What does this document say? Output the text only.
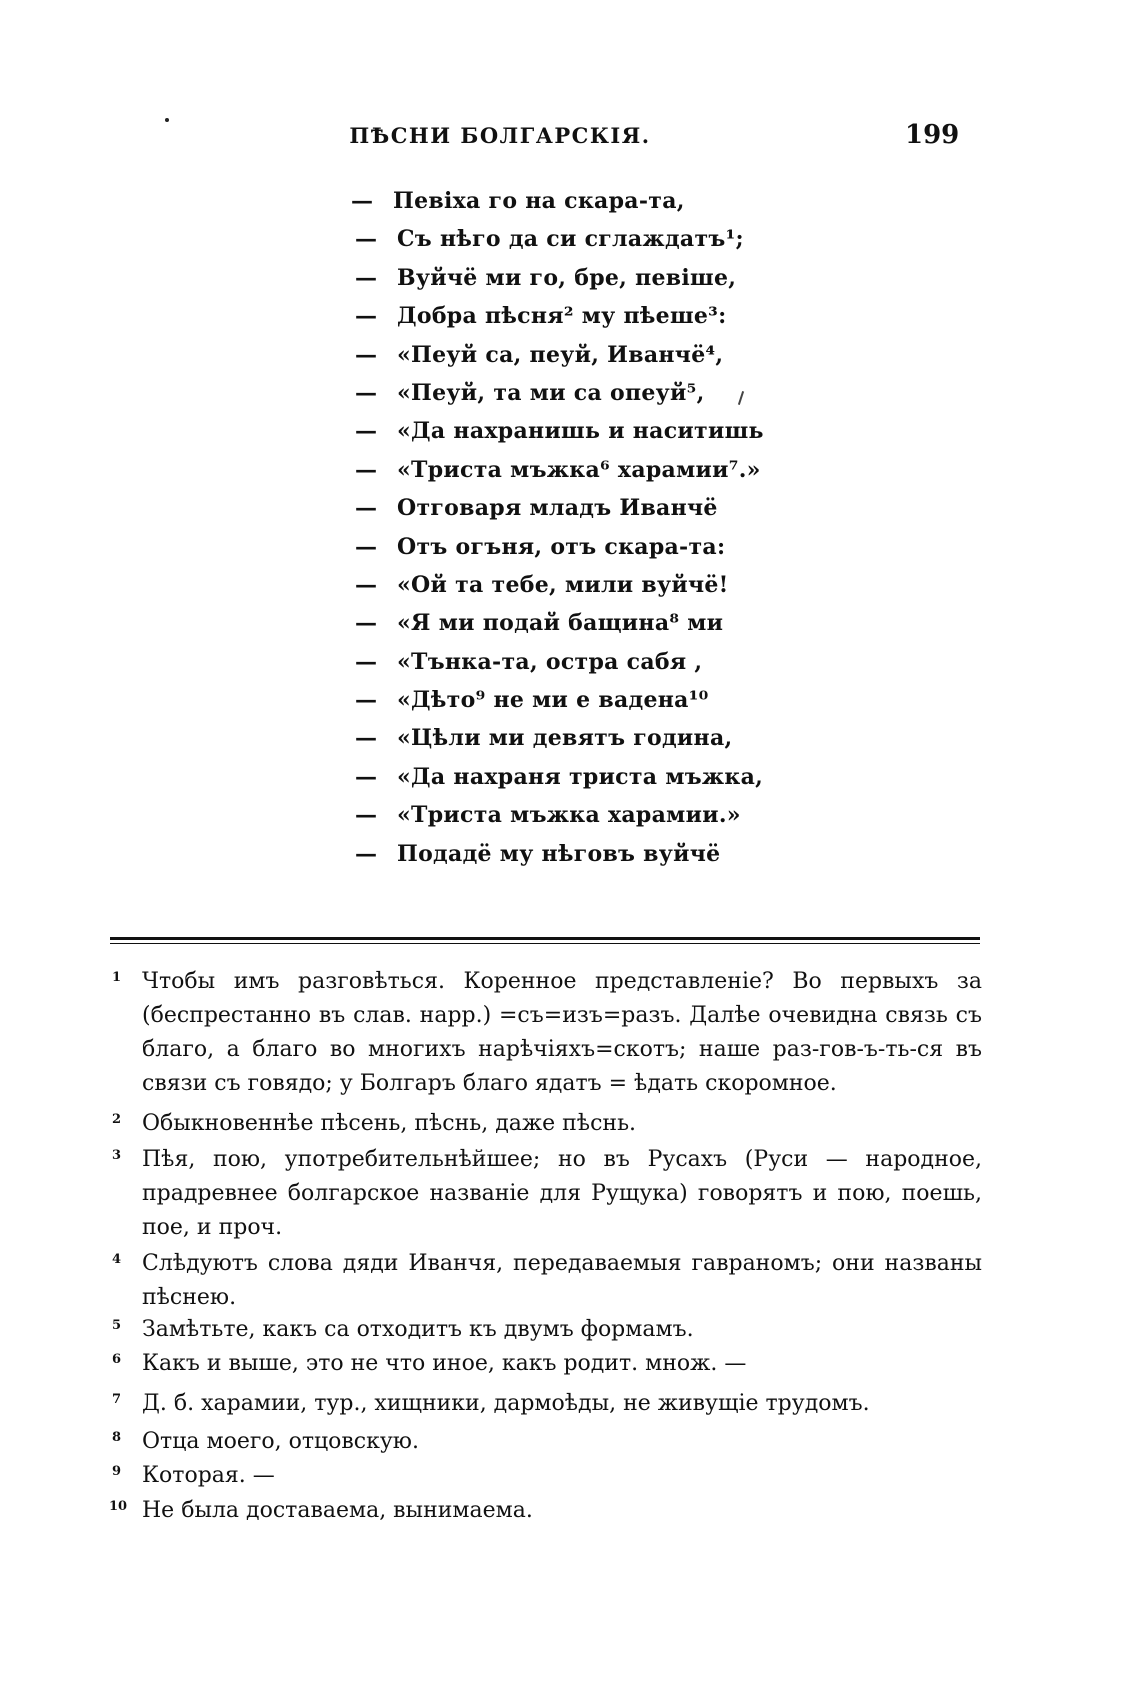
ПѢСНИ БОЛГАРСКІЯ.	199
— Певіха го на скара-та,
— Съ нѣго да си сглаждатъ¹;
— Вуйчё ми го, бре, певіше,
— Добра пѣсня² му пѣеше³:
— «Пеуй са, пеуй, Иванчё⁴,
— «Пеуй, та ми са опеуй⁵,
— «Да нахранишь и наситишь
— «Триста мъжка⁶ харамии⁷.»
— Отговаря младъ Иванчё
— Отъ огъня, отъ скара-та:
— «Ой та тебе, мили вуйчё!
— «Я ми подай бащина⁸ ми
— «Тънка-та, остра сабя ,
— «Дѣто⁹ не ми е вадена¹⁰
— «Цѣли ми девятъ година,
— «Да нахраня триста мъжка,
— «Триста мъжка харамии.»
— Подадё му нѣговъ вуйчё
1 Чтобы имъ разговѣться. Коренное представленіе? Во первыхъ за (беспрестанно въ слав. нарр.) =съ=изъ=разъ. Далѣе очевидна связь съ благо, а благо во многихъ нарѣчіяхъ=скотъ; наше раз-гов-ъ-ть-ся въ связи съ говядо; у Болгаръ благо ядатъ = ѣдать скоромное.
2 Обыкновеннѣе пѣсень, пѣснь, даже пѣснь.
3 Пѣя, пою, употребительнѣйшее; но въ Русахъ (Руси — народное, прадревнее болгарское названіе для Рущука) говорятъ и пою, поешь, пое, и проч.
4 Слѣдуютъ слова дяди Иванчя, передаваемыя гавраномъ; они названы пѣснею.
5 Замѣтьте, какъ са отходитъ къ двумъ формамъ.
6 Какъ и выше, это не что иное, какъ родит. множ. —
7 Д. б. харамии, тур., хищники, дармоѣды, не живущіе трудомъ.
8 Отца моего, отцовскую.
9 Которая. —
10 Не была доставаема, вынимаема.
